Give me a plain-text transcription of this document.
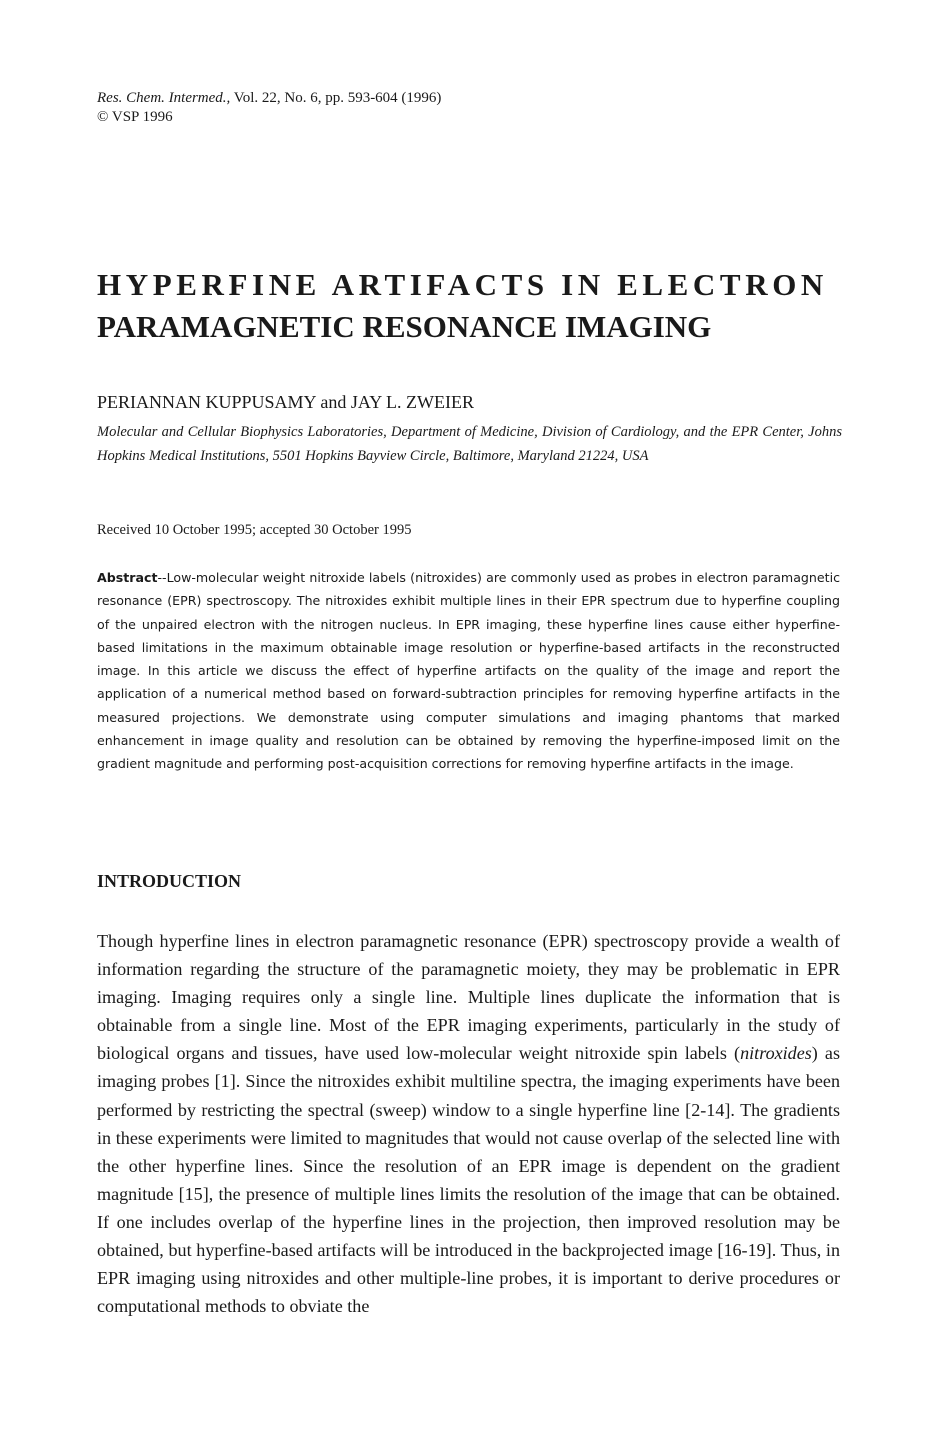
Res. Chem. Intermed., Vol. 22, No. 6, pp. 593-604 (1996)
© VSP 1996
HYPERFINE ARTIFACTS IN ELECTRON
PARAMAGNETIC RESONANCE IMAGING
PERIANNAN KUPPUSAMY and JAY L. ZWEIER
Molecular and Cellular Biophysics Laboratories, Department of Medicine, Division of Cardiology, and the EPR Center, Johns Hopkins Medical Institutions, 5501 Hopkins Bayview Circle, Baltimore, Maryland 21224, USA
Received 10 October 1995; accepted 30 October 1995

Abstract--Low-molecular weight nitroxide labels (nitroxides) are commonly used as probes in electron paramagnetic resonance (EPR) spectroscopy. The nitroxides exhibit multiple lines in their EPR spectrum due to hyperfine coupling of the unpaired electron with the nitrogen nucleus. In EPR imaging, these hyperfine lines cause either hyperfine-based limitations in the maximum obtainable image resolution or hyperfine-based artifacts in the reconstructed image. In this article we discuss the effect of hyperfine artifacts on the quality of the image and report the application of a numerical method based on forward-subtraction principles for removing hyperfine artifacts in the measured projections. We demonstrate using computer simulations and imaging phantoms that marked enhancement in image quality and resolution can be obtained by removing the hyperfine-imposed limit on the gradient magnitude and performing post-acquisition corrections for removing hyperfine artifacts in the image.

INTRODUCTION

Though hyperfine lines in electron paramagnetic resonance (EPR) spectroscopy provide a wealth of information regarding the structure of the paramagnetic moiety, they may be problematic in EPR imaging. Imaging requires only a single line. Multiple lines duplicate the information that is obtainable from a single line. Most of the EPR imaging experiments, particularly in the study of biological organs and tissues, have used low-molecular weight nitroxide spin labels (nitroxides) as imaging probes [1]. Since the nitroxides exhibit multiline spectra, the imaging experiments have been performed by restricting the spectral (sweep) window to a single hyperfine line [2-14]. The gradients in these experiments were limited to magnitudes that would not cause overlap of the selected line with the other hyperfine lines. Since the resolution of an EPR image is dependent on the gradient magnitude [15], the presence of multiple lines limits the resolution of the image that can be obtained. If one includes overlap of the hyperfine lines in the projection, then improved resolution may be obtained, but hyperfine-based artifacts will be introduced in the backprojected image [16-19]. Thus, in EPR imaging using nitroxides and other multiple-line probes, it is important to derive procedures or computational methods to obviate the
